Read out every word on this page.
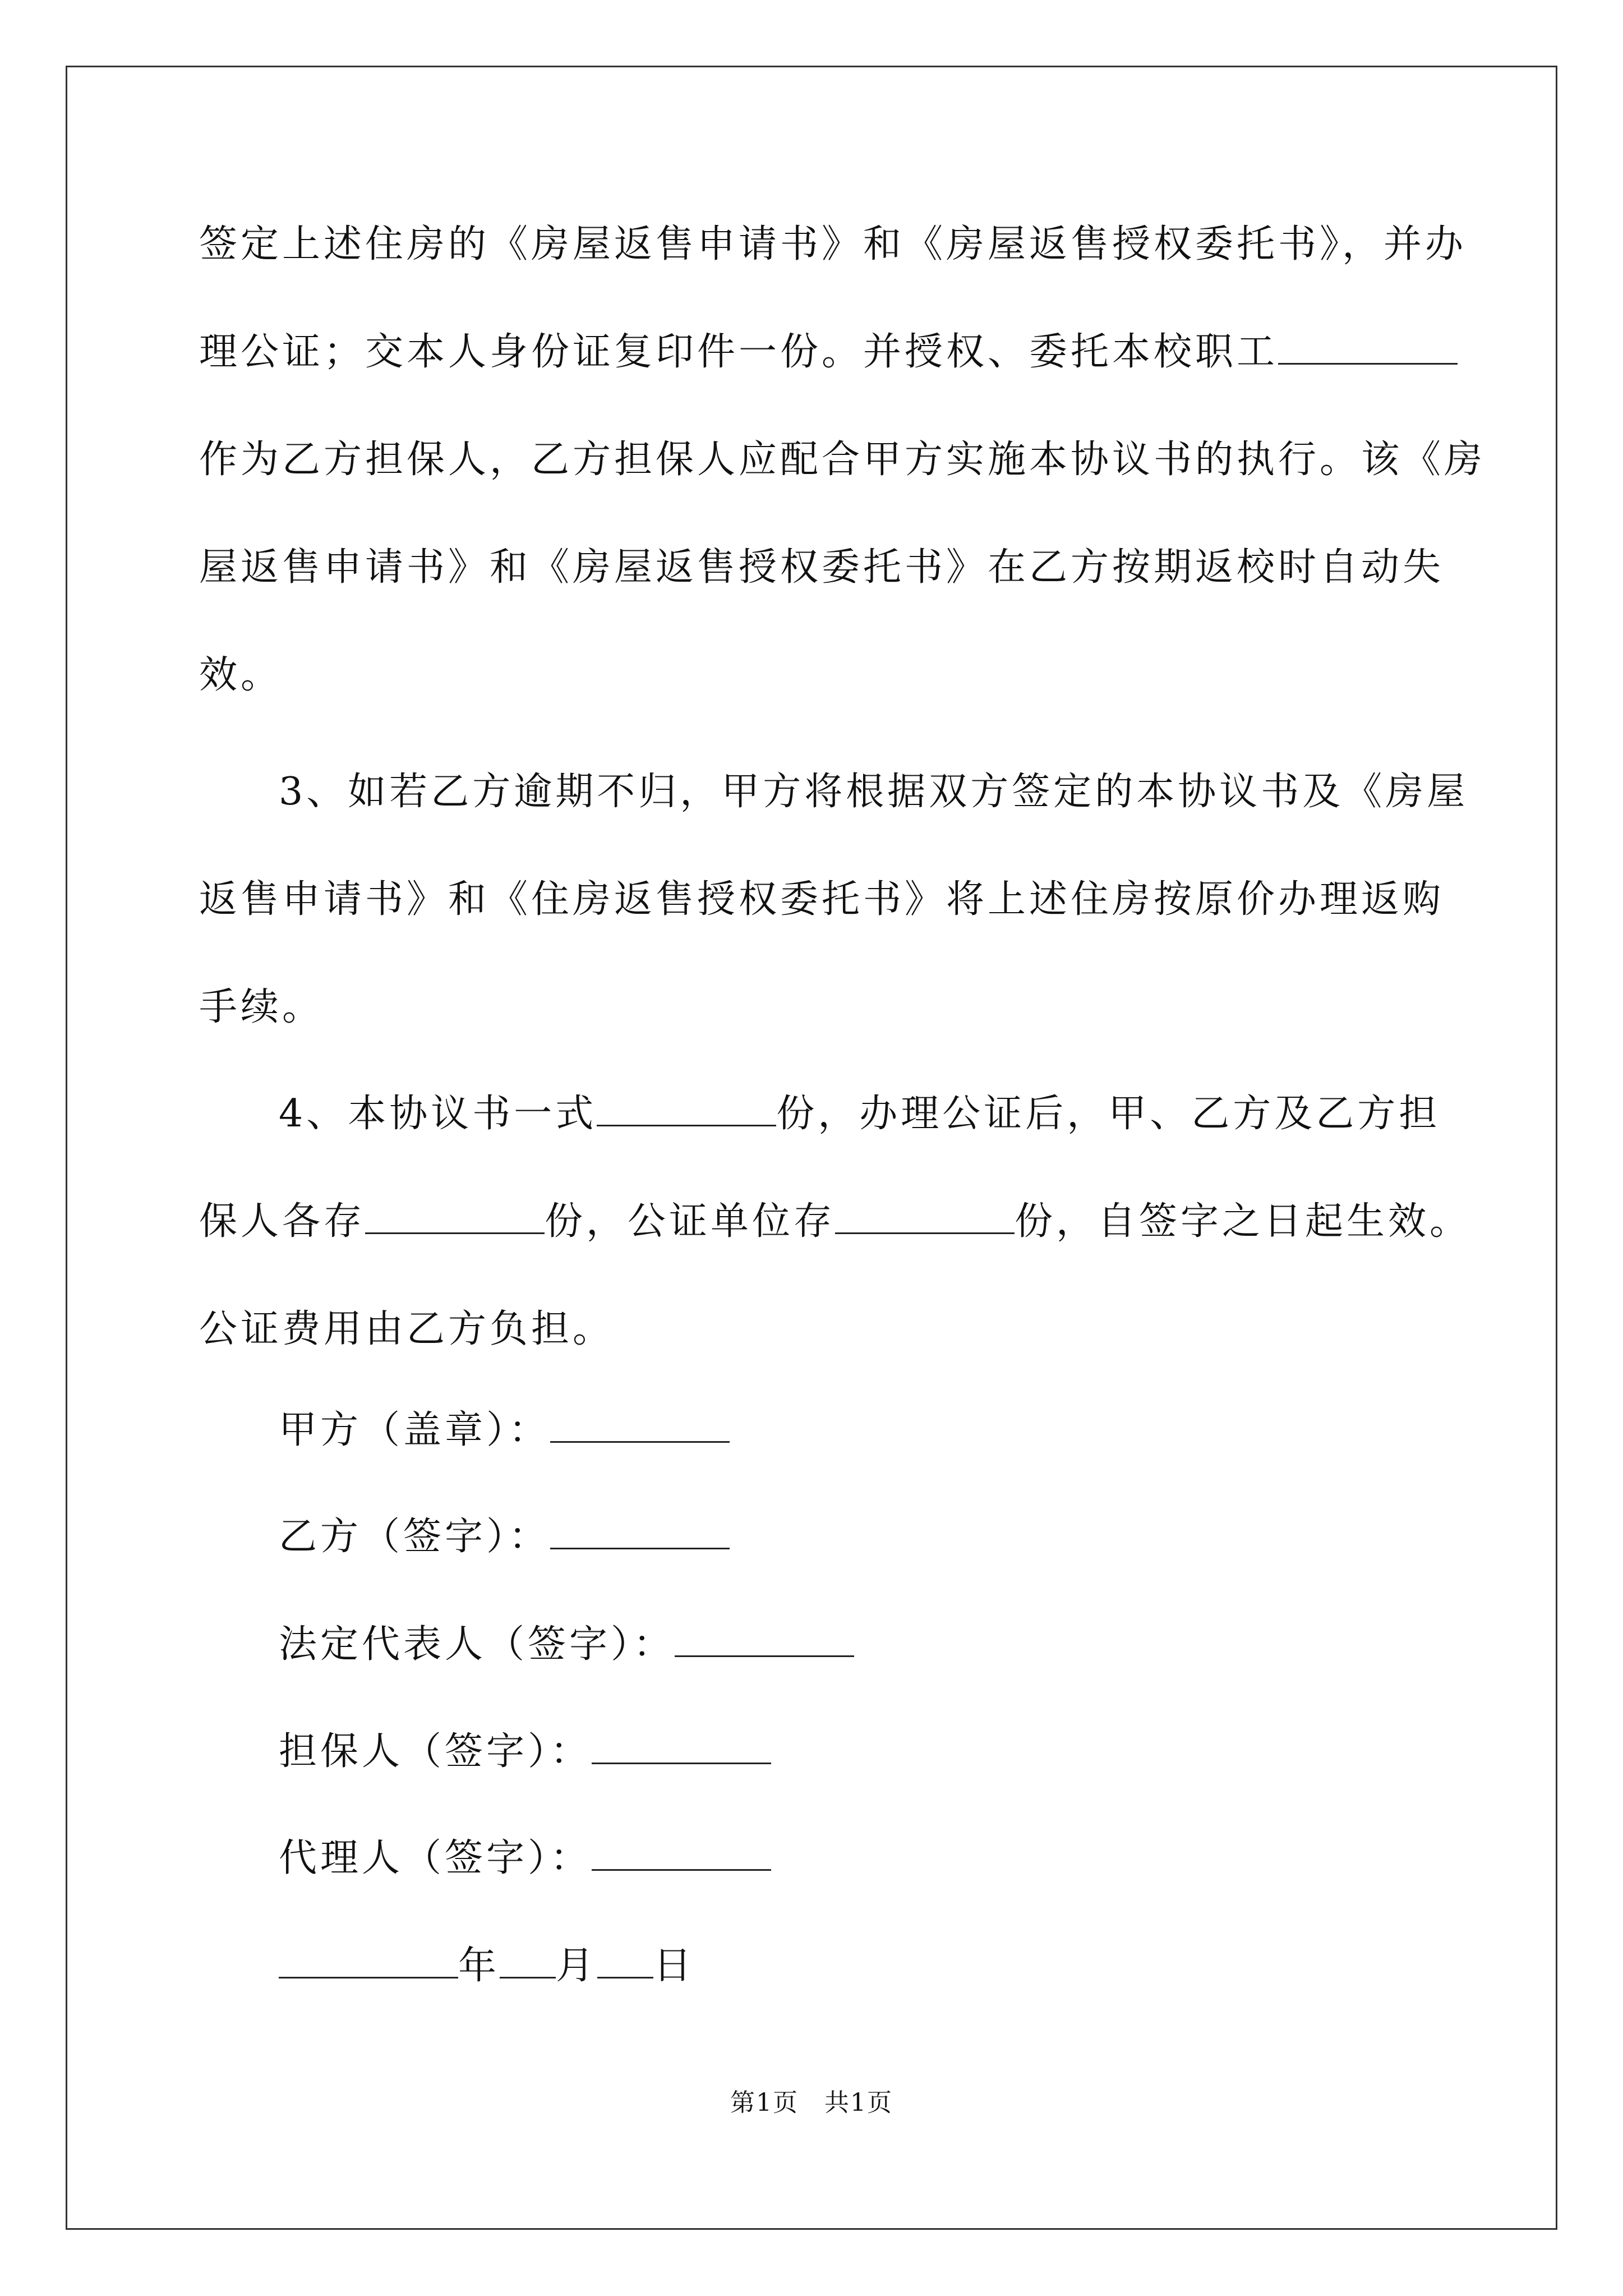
签定上述住房的《房屋返售申请书》和《房屋返售授权委托书》，并办
理公证；交本人身份证复印件一份。并授权、委托本校职工
作为乙方担保人，乙方担保人应配合甲方实施本协议书的执行。该《房
屋返售申请书》和《房屋返售授权委托书》在乙方按期返校时自动失
效。
3、如若乙方逾期不归，甲方将根据双方签定的本协议书及《房屋
返售申请书》和《住房返售授权委托书》将上述住房按原价办理返购
手续。
4、本协议书一式	份，办理公证后，甲、乙方及乙方担
保人各存	份，公证单位存	份，自签字之日起生效。
公证费用由乙方负担。
甲方（盖章）：
乙方（签字）：
法定代表人（签字）：
担保人（签字）：
代理人（签字）：
年 月 日
第1页　共1页
